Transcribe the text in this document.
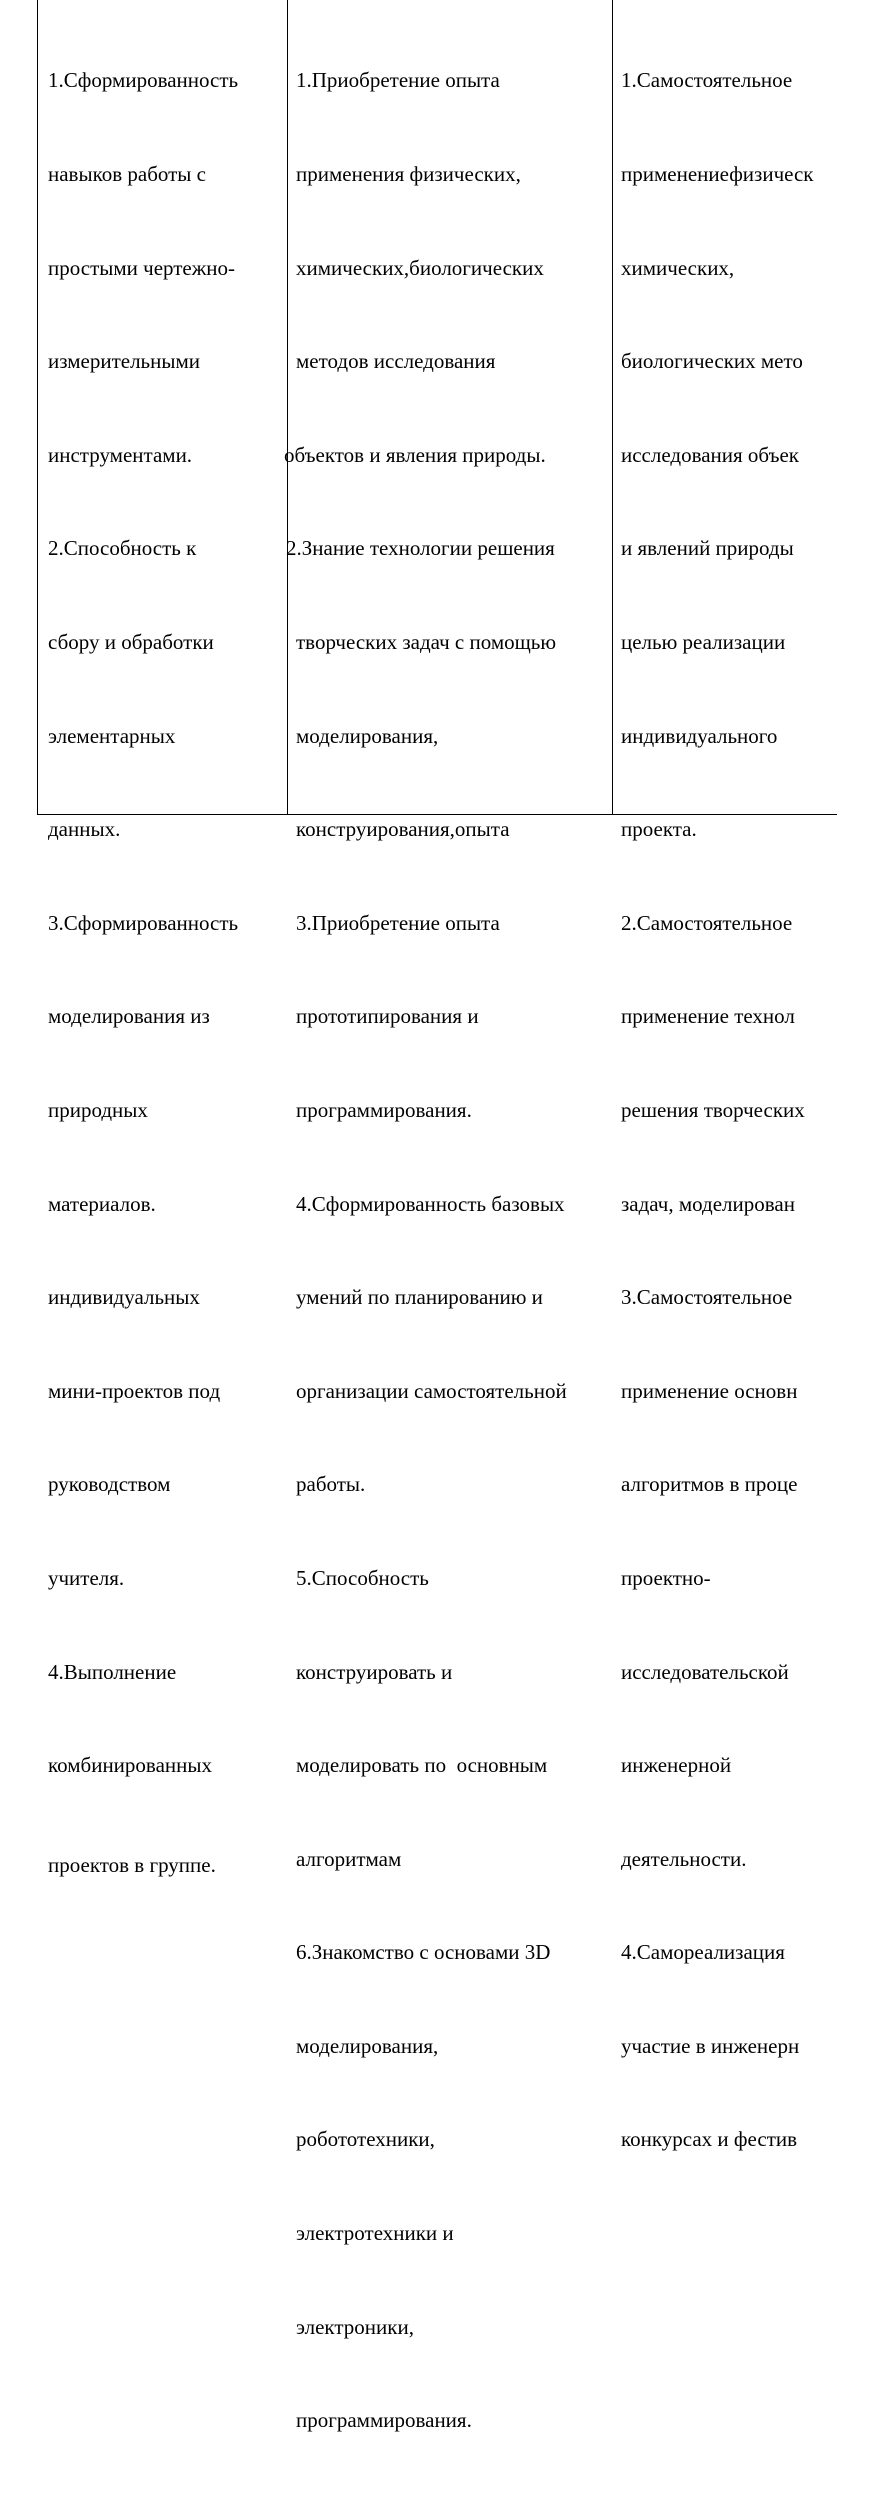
1.Сформированность

навыков работы с

простыми чертежно-

измерительными

инструментами.

2.Способность к

сбору и обработки

элементарных

данных.

3.Сформированность

моделирования из

природных

материалов.

индивидуальных

мини-проектов под

руководством

учителя.

4.Выполнение

комбинированных

проектов в группе.

1.Приобретение опыта

применения физических,

химических,биологических

методов исследования

объектов и явления природы.

2.Знание технологии решения

творческих задач с помощью

моделирования,

конструирования,опыта

3.Приобретение опыта

прототипирования и

программирования.

4.Сформированность базовых

умений по планированию и

организации самостоятельной

работы.

5.Способность

конструировать и

моделировать по  основным

алгоритмам

6.Знакомство с основами 3D

моделирования,

робототехники,

электротехники и

электроники,

программирования.

1.Самостоятельное

применениефизическ

химических,

биологических мето

исследования объек

и явлений природы

целью реализации

индивидуального

проекта.

2.Самостоятельное

применение технол

решения творческих

задач, моделирован

3.Самостоятельное

применение основн

алгоритмов в проце

проектно-

исследовательской

инженерной

деятельности.

4.Самореализация

участие в инженерн

конкурсах и фестив
